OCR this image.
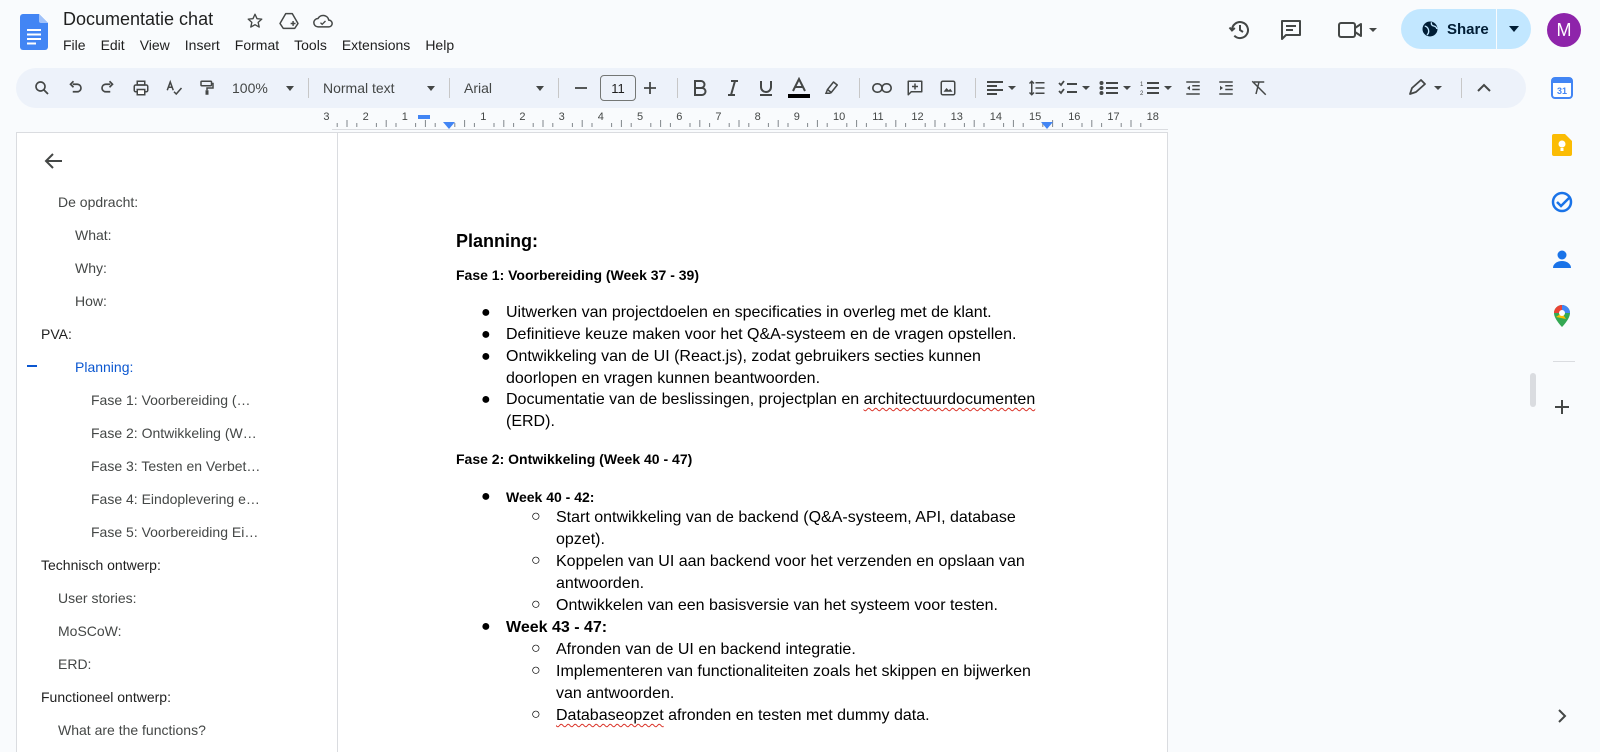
Documentatie chat
File	Edit	View	Insert	Format	Tools	Extensions	Help
Share	M
100%	Normal text	Arial	11	1
2
3	2	1	1	2	3	4	5	6	7	8	9	10 11	12 13 14 15 16 17 18
De opdracht:
What:
Why:
How:
PVA:
Planning:
Fase 1: Voorbereiding (…
Fase 2: Ontwikkeling (W…
Fase 3: Testen en Verbet…
Fase 4: Eindoplevering e…
Fase 5: Voorbereiding Ei…
Technisch ontwerp:
User stories:
MoSCoW:
ERD:
Functioneel ontwerp:
What are the functions?
Planning:
Fase 1: Voorbereiding (Week 37 - 39)
● Uitwerken van projectdoelen en specificaties in overleg met de klant.
● Definitieve keuze maken voor het Q&A-systeem en de vragen opstellen.
● Ontwikkeling van de UI (React.js), zodat gebruikers secties kunnen
doorlopen en vragen kunnen beantwoorden.
● Documentatie van de beslissingen, projectplan en architectuurdocumenten
(ERD).
Fase 2: Ontwikkeling (Week 40 - 47)
● Week 40 - 42:
○ Start ontwikkeling van de backend (Q&A-systeem, API, database
opzet).
○ Koppelen van UI aan backend voor het verzenden en opslaan van
antwoorden.
○ Ontwikkelen van een basisversie van het systeem voor testen.
● Week 43 - 47:
○ Afronden van de UI en backend integratie.
○ Implementeren van functionaliteiten zoals het skippen en bijwerken
van antwoorden.
○ Databaseopzet afronden en testen met dummy data.
31
